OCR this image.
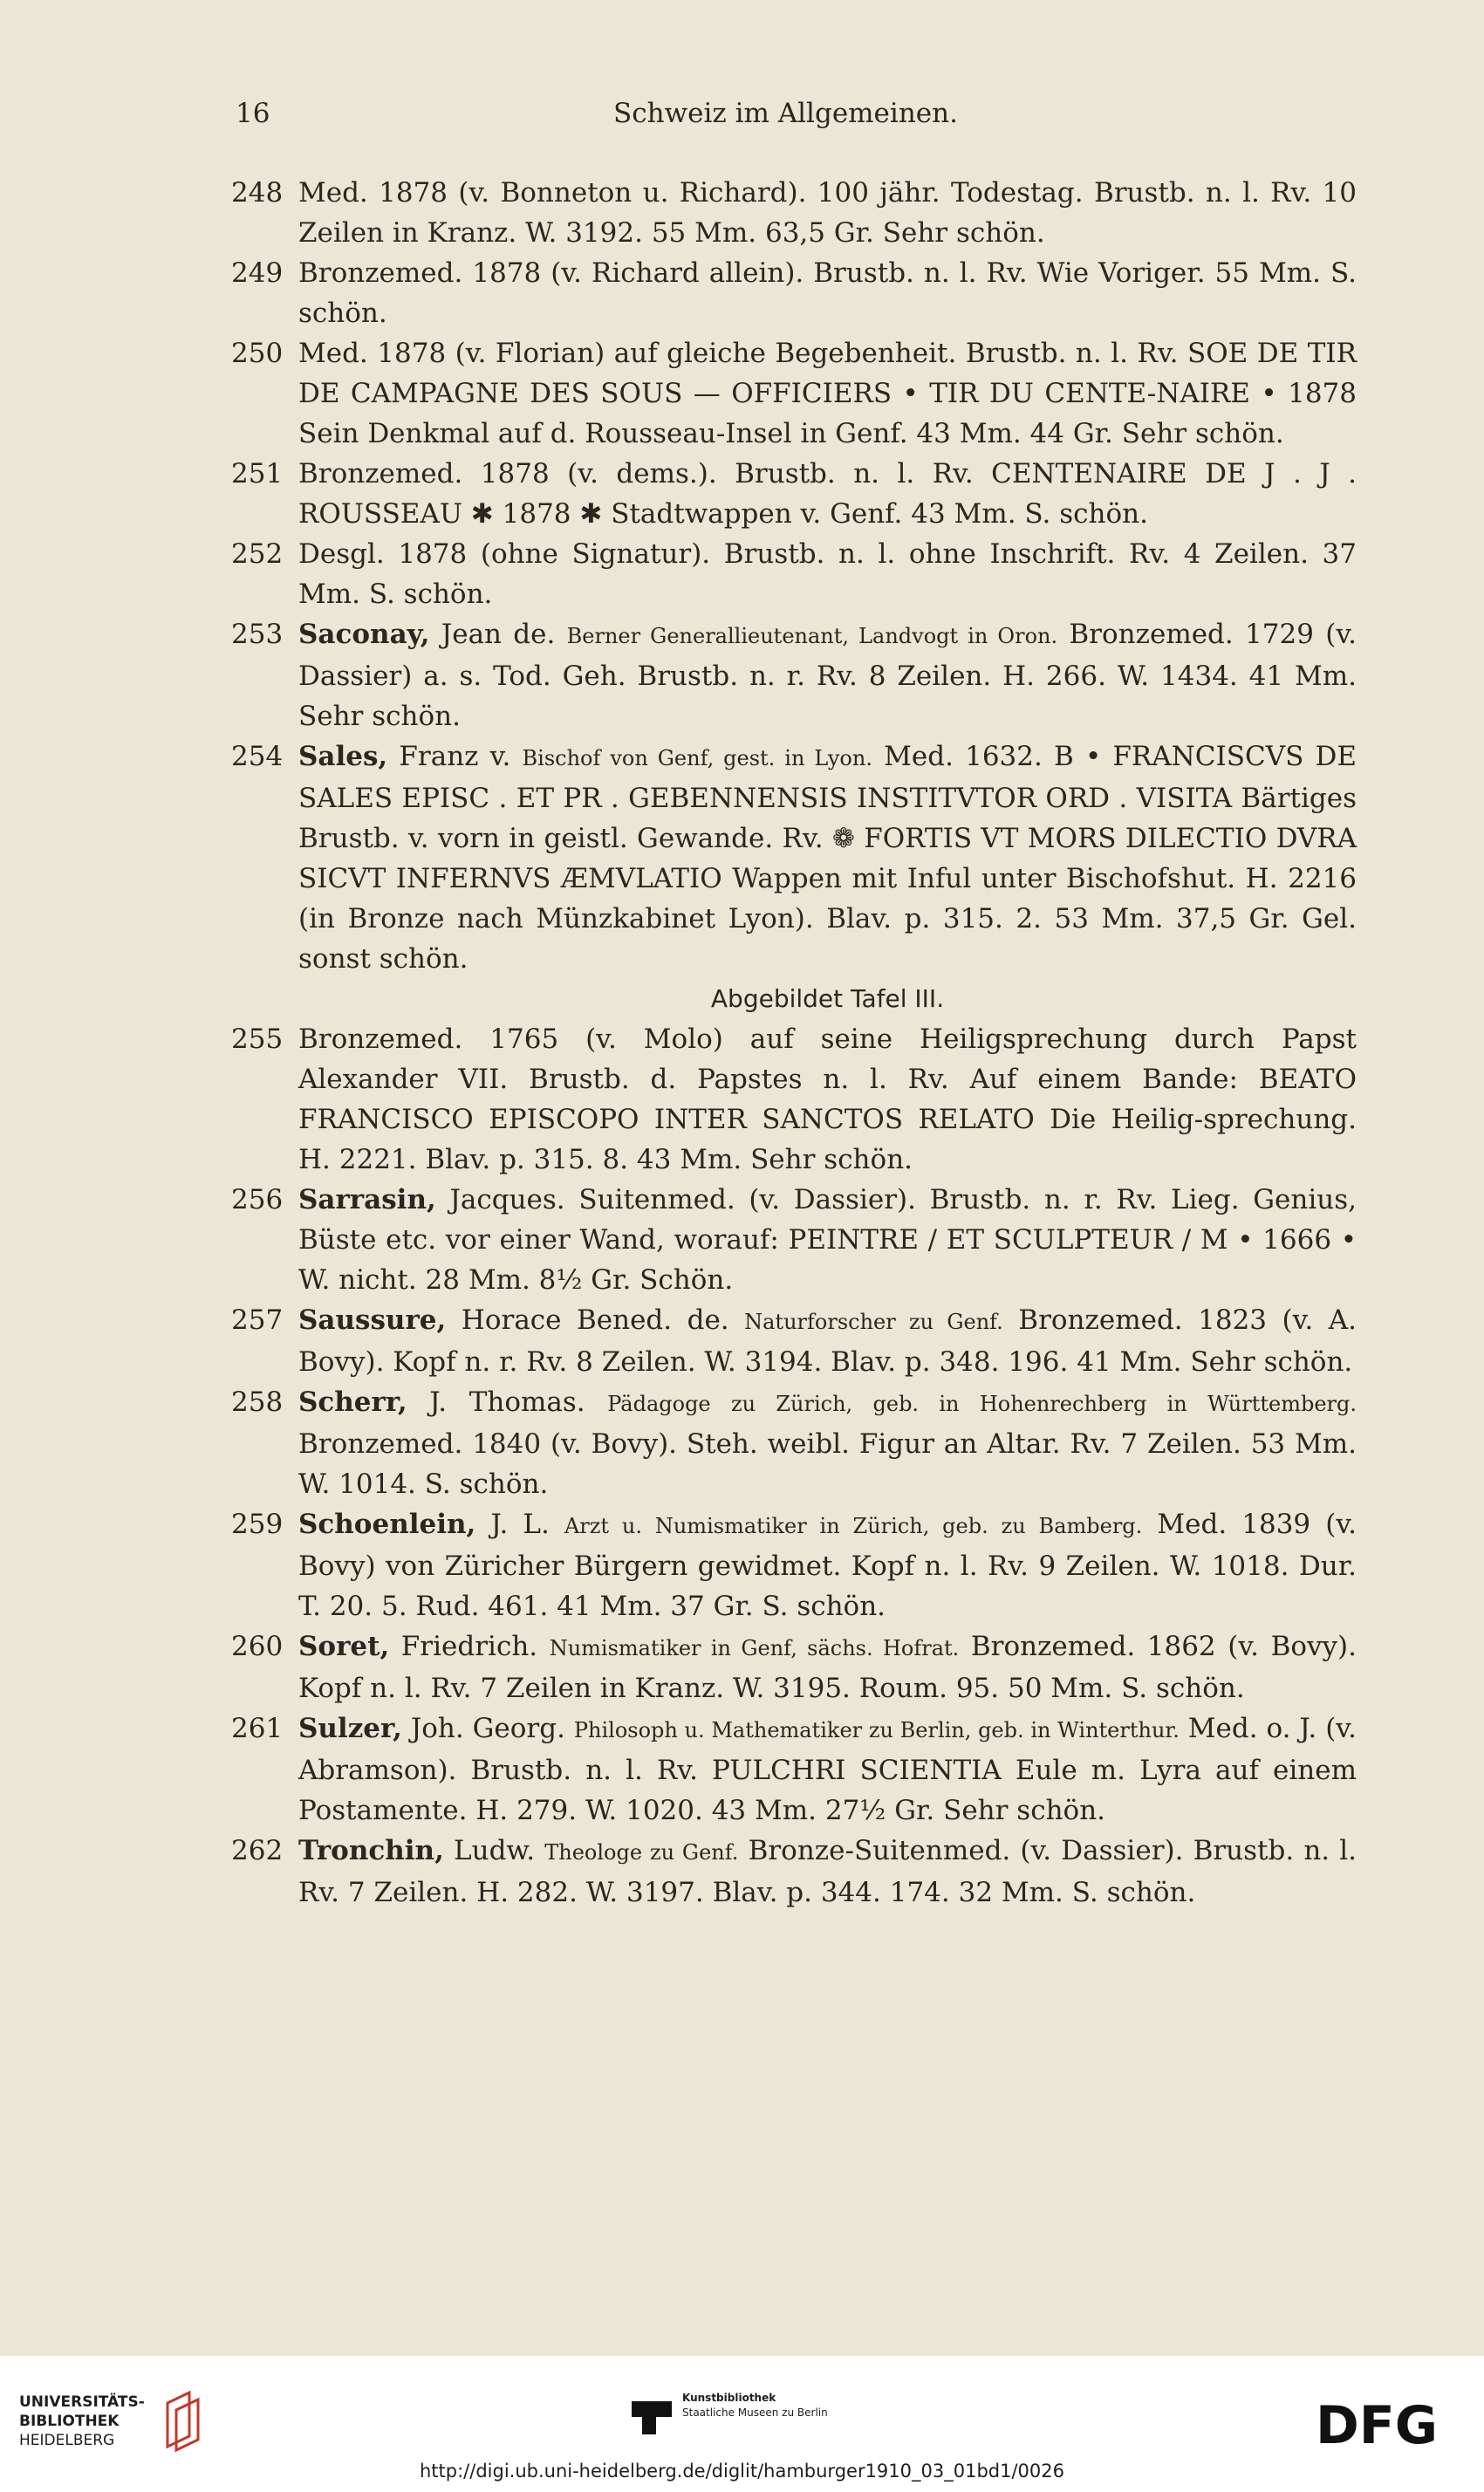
16	Schweiz im Allgemeinen.
248 Med. 1878 (v. Bonneton u. Richard). 100 jähr. Todestag. Brustb. n. l. Rv. 10 Zeilen in Kranz. W. 3192. 55 Mm. 63,5 Gr. Sehr schön.
249 Bronzemed. 1878 (v. Richard allein). Brustb. n. l. Rv. Wie Voriger. 55 Mm. S. schön.
250 Med. 1878 (v. Florian) auf gleiche Begebenheit. Brustb. n. l. Rv. SOE DE TIR DE CAMPAGNE DES SOUS — OFFICIERS • TIR DU CENTE-NAIRE • 1878 Sein Denkmal auf d. Rousseau-Insel in Genf. 43 Mm. 44 Gr. Sehr schön.
251 Bronzemed. 1878 (v. dems.). Brustb. n. l. Rv. CENTENAIRE DE J . J . ROUSSEAU ✱ 1878 ✱ Stadtwappen v. Genf. 43 Mm. S. schön.
252 Desgl. 1878 (ohne Signatur). Brustb. n. l. ohne Inschrift. Rv. 4 Zeilen. 37 Mm. S. schön.
253 Saconay, Jean de. Berner Generallieutenant, Landvogt in Oron. Bronzemed. 1729 (v. Dassier) a. s. Tod. Geh. Brustb. n. r. Rv. 8 Zeilen. H. 266. W. 1434. 41 Mm. Sehr schön.
254 Sales, Franz v. Bischof von Genf, gest. in Lyon. Med. 1632. B • FRANCISCVS DE SALES EPISC . ET PR . GEBENNENSIS INSTITVTOR ORD . VISITA Bärtiges Brustb. v. vorn in geistl. Gewande. Rv. ❁ FORTIS VT MORS DILECTIO DVRA SICVT INFERNVS ÆMVLATIO Wappen mit Inful unter Bischofshut. H. 2216 (in Bronze nach Münzkabinet Lyon). Blav. p. 315. 2. 53 Mm. 37,5 Gr. Gel. sonst schön.
Abgebildet Tafel III.
255 Bronzemed. 1765 (v. Molo) auf seine Heiligsprechung durch Papst Alexander VII. Brustb. d. Papstes n. l. Rv. Auf einem Bande: BEATO FRANCISCO EPISCOPO INTER SANCTOS RELATO Die Heilig-sprechung. H. 2221. Blav. p. 315. 8. 43 Mm. Sehr schön.
256 Sarrasin, Jacques. Suitenmed. (v. Dassier). Brustb. n. r. Rv. Lieg. Genius, Büste etc. vor einer Wand, worauf: PEINTRE / ET SCULPTEUR / M • 1666 • W. nicht. 28 Mm. 8½ Gr. Schön.
257 Saussure, Horace Bened. de. Naturforscher zu Genf. Bronzemed. 1823 (v. A. Bovy). Kopf n. r. Rv. 8 Zeilen. W. 3194. Blav. p. 348. 196. 41 Mm. Sehr schön.
258 Scherr, J. Thomas. Pädagoge zu Zürich, geb. in Hohenrechberg in Württemberg. Bronzemed. 1840 (v. Bovy). Steh. weibl. Figur an Altar. Rv. 7 Zeilen. 53 Mm. W. 1014. S. schön.
259 Schoenlein, J. L. Arzt u. Numismatiker in Zürich, geb. zu Bamberg. Med. 1839 (v. Bovy) von Züricher Bürgern gewidmet. Kopf n. l. Rv. 9 Zeilen. W. 1018. Dur. T. 20. 5. Rud. 461. 41 Mm. 37 Gr. S. schön.
260 Soret, Friedrich. Numismatiker in Genf, sächs. Hofrat. Bronzemed. 1862 (v. Bovy). Kopf n. l. Rv. 7 Zeilen in Kranz. W. 3195. Roum. 95. 50 Mm. S. schön.
261 Sulzer, Joh. Georg. Philosoph u. Mathematiker zu Berlin, geb. in Winterthur. Med. o. J. (v. Abramson). Brustb. n. l. Rv. PULCHRI SCIENTIA Eule m. Lyra auf einem Postamente. H. 279. W. 1020. 43 Mm. 27½ Gr. Sehr schön.
262 Tronchin, Ludw. Theologe zu Genf. Bronze-Suitenmed. (v. Dassier). Brustb. n. l. Rv. 7 Zeilen. H. 282. W. 3197. Blav. p. 344. 174. 32 Mm. S. schön.
UNIVERSITÄTS-
BIBLIOTHEK
HEIDELBERG
Kunstbibliothek
Staatliche Museen zu Berlin	DFG
http://digi.ub.uni-heidelberg.de/diglit/hamburger1910_03_01bd1/0026
